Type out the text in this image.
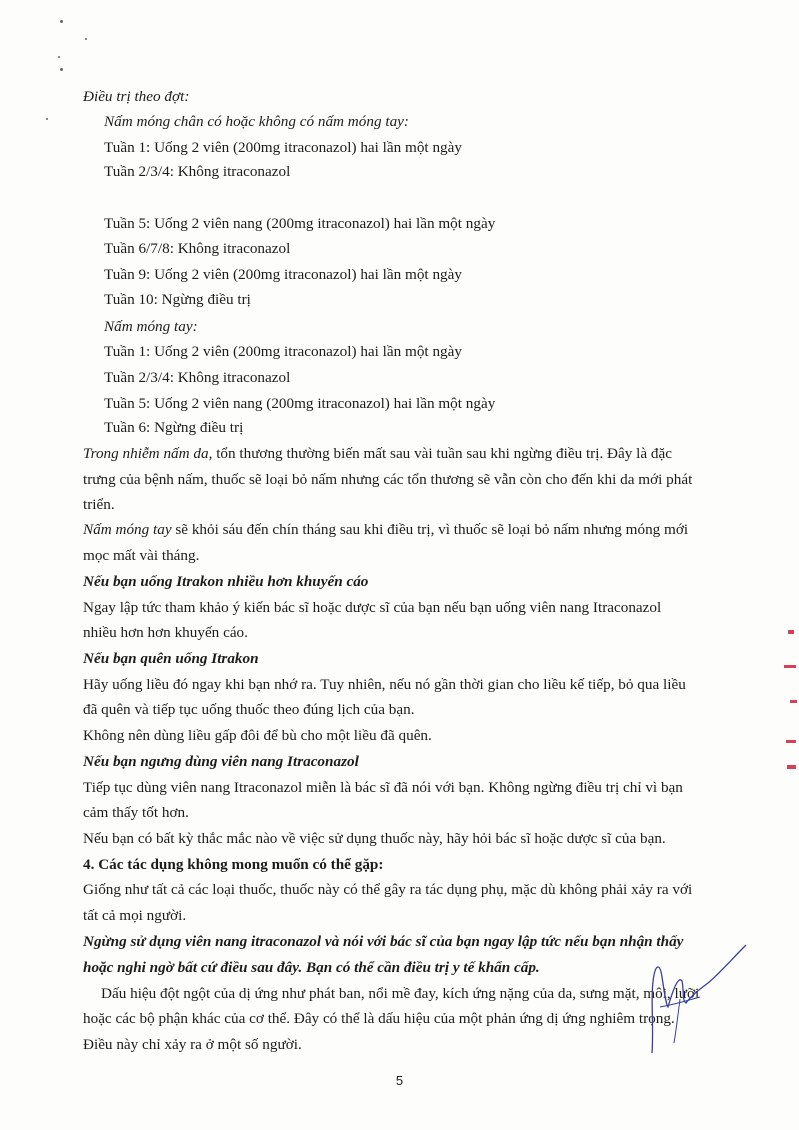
Điều trị theo đợt:
Nấm móng chân có hoặc không có nấm móng tay:
Tuần 1: Uống 2 viên (200mg itraconazol) hai lần một ngày
Tuần 2/3/4: Không itraconazol
Tuần 5: Uống 2 viên nang (200mg itraconazol) hai lần một ngày
Tuần 6/7/8: Không itraconazol
Tuần 9: Uống 2 viên (200mg itraconazol) hai lần một ngày
Tuần 10: Ngừng điều trị
Nấm móng tay:
Tuần 1: Uống 2 viên (200mg itraconazol) hai lần một ngày
Tuần 2/3/4: Không itraconazol
Tuần 5: Uống 2 viên nang (200mg itraconazol) hai lần một ngày
Tuần 6: Ngừng điều trị
Trong nhiễm nấm da, tổn thương thường biến mất sau vài tuần sau khi ngừng điều trị. Đây là đặc
trưng của bệnh nấm, thuốc sẽ loại bỏ nấm nhưng các tổn thương sẽ vẫn còn cho đến khi da mới phát
triển.
Nấm móng tay sẽ khỏi sáu đến chín tháng sau khi điều trị, vì thuốc sẽ loại bỏ nấm nhưng móng mới
mọc mất vài tháng.
Nếu bạn uống Itrakon nhiều hơn khuyến cáo
Ngay lập tức tham khảo ý kiến bác sĩ hoặc dược sĩ của bạn nếu bạn uống viên nang Itraconazol
nhiều hơn hơn khuyến cáo.
Nếu bạn quên uống Itrakon
Hãy uống liều đó ngay khi bạn nhớ ra. Tuy nhiên, nếu nó gần thời gian cho liều kế tiếp, bỏ qua liều
đã quên và tiếp tục uống thuốc theo đúng lịch của bạn.
Không nên dùng liều gấp đôi để bù cho một liều đã quên.
Nếu bạn ngưng dùng viên nang Itraconazol
Tiếp tục dùng viên nang Itraconazol miễn là bác sĩ đã nói với bạn. Không ngừng điều trị chỉ vì bạn
cảm thấy tốt hơn.
Nếu bạn có bất kỳ thắc mắc nào về việc sử dụng thuốc này, hãy hỏi bác sĩ hoặc dược sĩ của bạn.
4. Các tác dụng không mong muốn có thể gặp:
Giống như tất cả các loại thuốc, thuốc này có thể gây ra tác dụng phụ, mặc dù không phải xảy ra với
tất cả mọi người.
Ngừng sử dụng viên nang itraconazol và nói với bác sĩ của bạn ngay lập tức nếu bạn nhận thấy
hoặc nghi ngờ bất cứ điều sau đây. Bạn có thể cần điều trị y tế khẩn cấp.
Dấu hiệu đột ngột của dị ứng như phát ban, nổi mề đay, kích ứng nặng của da, sưng mặt, môi, lưỡi
hoặc các bộ phận khác của cơ thể. Đây có thể là dấu hiệu của một phản ứng dị ứng nghiêm trọng.
Điều này chỉ xảy ra ở một số người.
5
